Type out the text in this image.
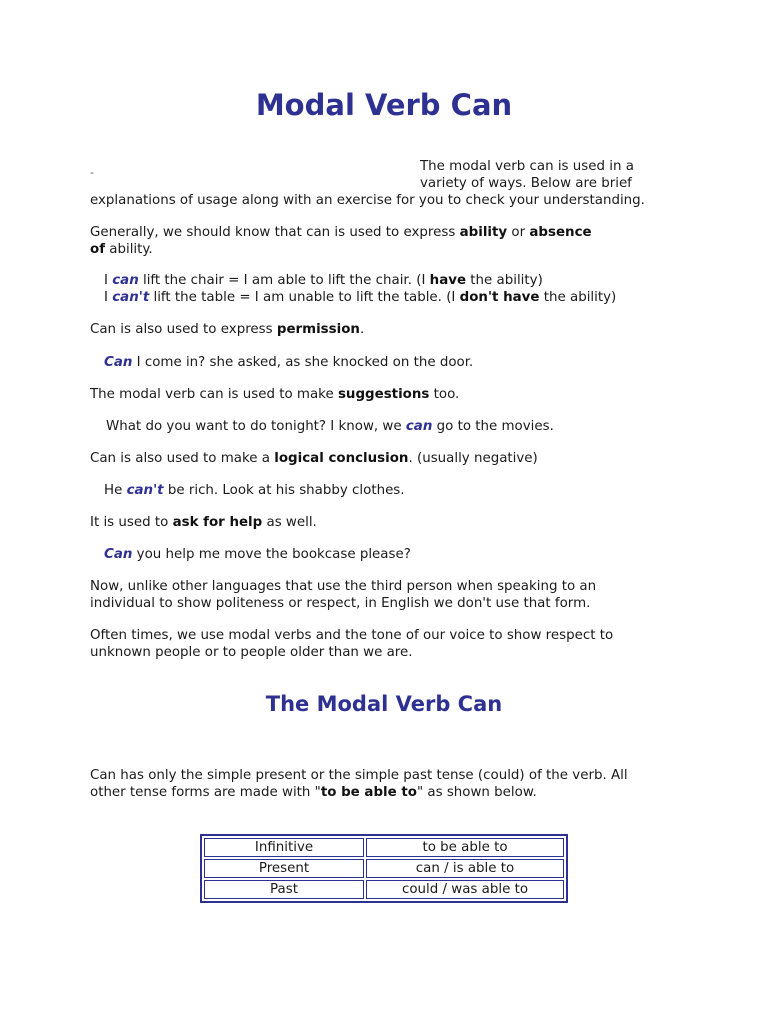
Modal Verb Can
-	The modal verb can is used in a
variety of ways. Below are brief
explanations of usage along with an exercise for you to check your understanding.
Generally, we should know that can is used to express ability or absence
of ability.
I can lift the chair = I am able to lift the chair. (I have the ability)
I can't lift the table = I am unable to lift the table. (I don't have the ability)
Can is also used to express permission.
Can I come in? she asked, as she knocked on the door.
The modal verb can is used to make suggestions too.
What do you want to do tonight? I know, we can go to the movies.
Can is also used to make a logical conclusion. (usually negative)
He can't be rich. Look at his shabby clothes.
It is used to ask for help as well.
Can you help me move the bookcase please?
Now, unlike other languages that use the third person when speaking to an
individual to show politeness or respect, in English we don't use that form.
Often times, we use modal verbs and the tone of our voice to show respect to
unknown people or to people older than we are.
The Modal Verb Can
Can has only the simple present or the simple past tense (could) of the verb. All
other tense forms are made with "to be able to" as shown below.
Infinitive	to be able to
Present	can / is able to
Past	could / was able to
